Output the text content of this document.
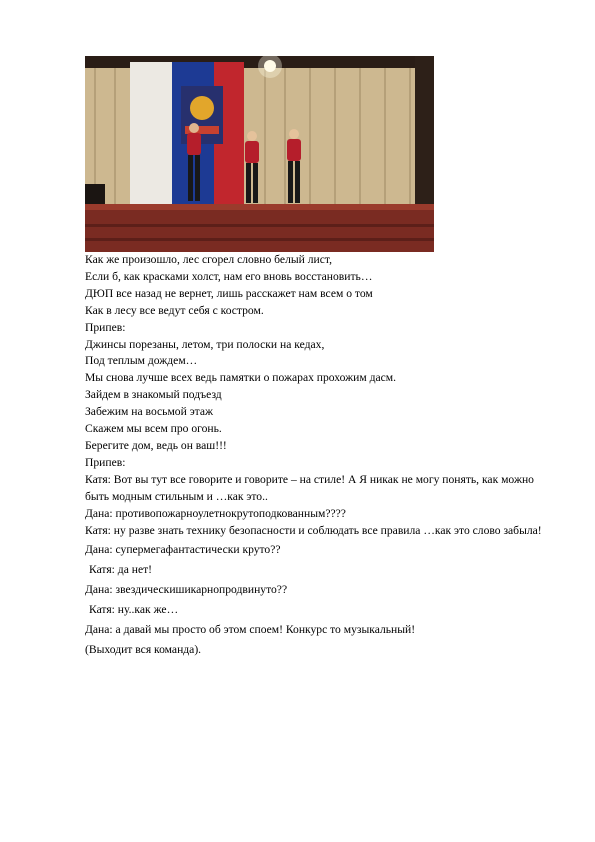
Как же произошло, лес сгорел словно белый лист,
Если б, как красками холст, нам его вновь восстановить…
ДЮП все назад не вернет, лишь расскажет нам всем о том
Как в лесу все ведут себя с костром.
Припев:
Джинсы порезаны, летом, три полоски на кедах,
Под теплым дождем…
Мы снова лучше всех ведь памятки о пожарах прохожим дасм.
Зайдем в знакомый подъезд
Забежим на восьмой этаж
Скажем мы всем про огонь.
Берегите дом, ведь он ваш!!!
Припев:
Катя: Вот вы тут все говорите и говорите – на стиле! А Я никак не могу понять, как можно быть модным стильным и …как это..
Дана: противопожарноулетнокрутоподкованным????
Катя: ну разве знать технику безопасности и соблюдать все правила …как это слово забыла!
Дана: супермегафантастически круто??
Катя: да нет!
Дана: звездическишикарнопродвинуто??
Катя: ну..как же…
Дана: а давай мы просто об этом споем! Конкурс то музыкальный!
(Выходит вся команда).
